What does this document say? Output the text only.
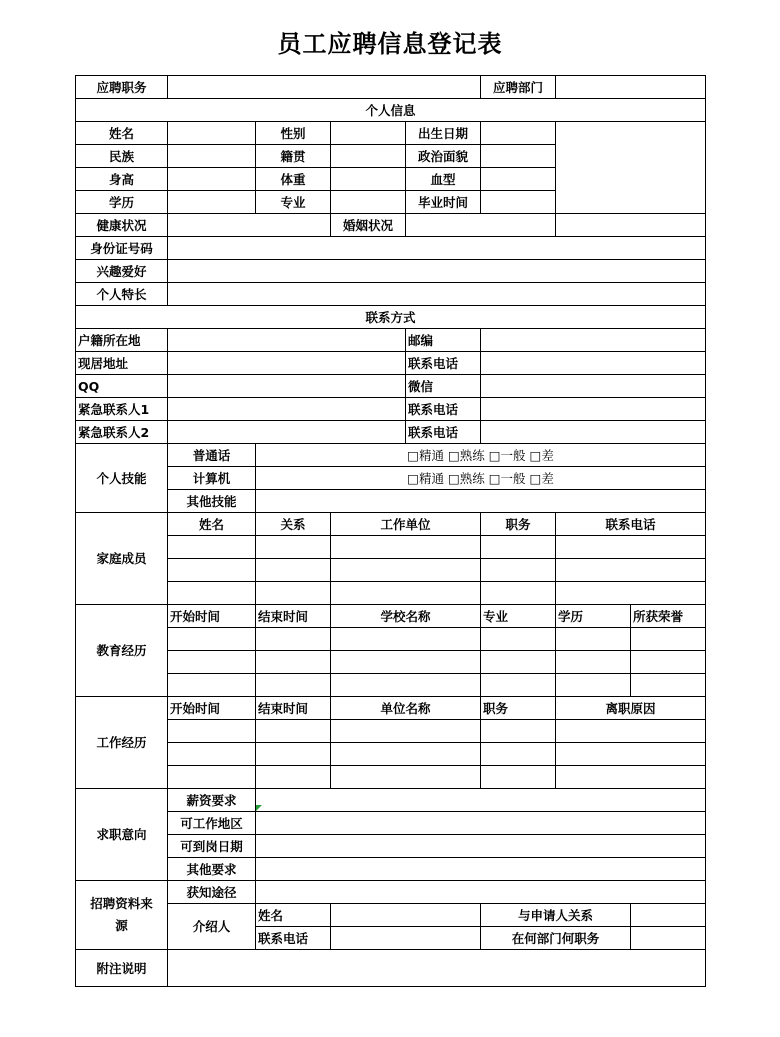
员工应聘信息登记表
应聘职务					应聘部门		
个人信息							
姓名		性别		出生日期			
民族		籍贯		政治面貌			
身高		体重		血型			
学历		专业		毕业时间			
健康状况			婚姻状况				
身份证号码							
兴趣爱好							
个人特长							
联系方式							
户籍所在地				邮编			
现居地址				联系电话			
QQ				微信			
紧急联系人1				联系电话			
紧急联系人2				联系电话			
个人技能	普通话	□精通 □熟练 □一般 □差					
	计算机	□精通 □熟练 □一般 □差					
	其他技能						
家庭成员	姓名	关系	工作单位		职务	联系电话	

教育经历	开始时间	结束时间	学校名称		专业	学历	所获荣誉

工作经历	开始时间	结束时间	单位名称		职务	离职原因	

求职意向	薪资要求						
	可工作地区						
	可到岗日期						
	其他要求						
招聘资料来源	获知途径						
	介绍人	姓名			与申请人关系		
		联系电话			在何部门何职务		
附注说明							
